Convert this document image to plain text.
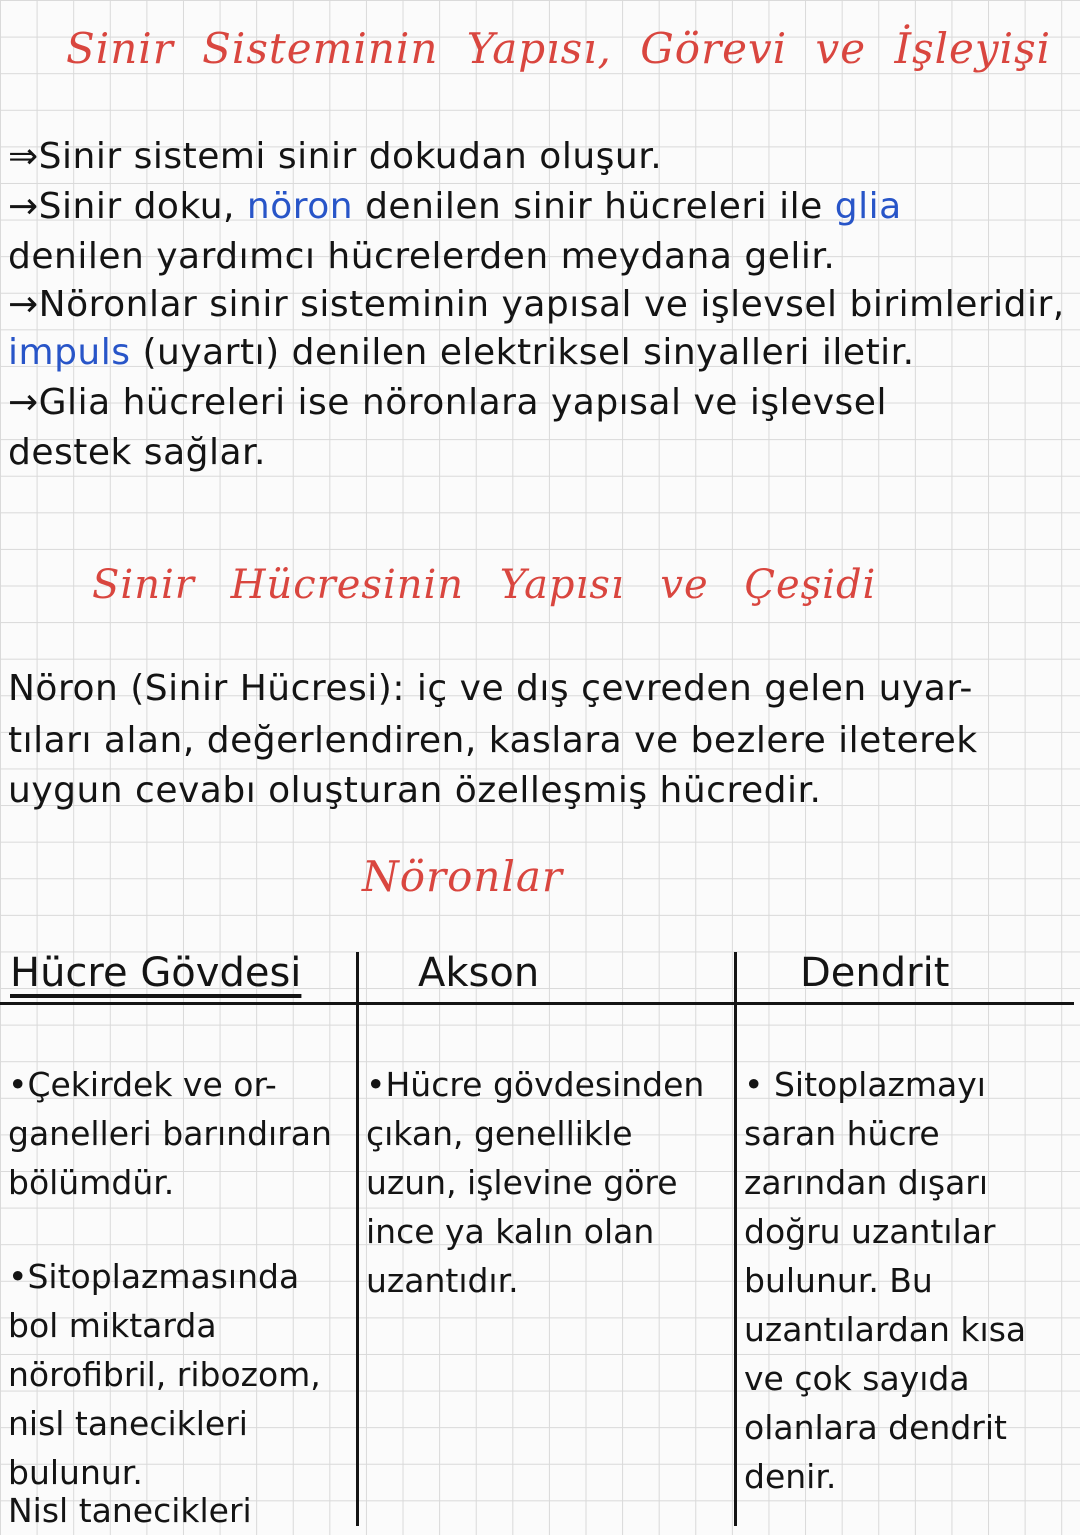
Sinir Sisteminin Yapısı, Görevi ve İşleyişi
⇒Sinir sistemi sinir dokudan oluşur.
→Sinir doku, nöron denilen sinir hücreleri ile glia
denilen yardımcı hücrelerden meydana gelir.
→Nöronlar sinir sisteminin yapısal ve işlevsel birimleridir,
impuls (uyartı) denilen elektriksel sinyalleri iletir.
→Glia hücreleri ise nöronlara yapısal ve işlevsel
destek sağlar.
Sinir Hücresinin Yapısı ve Çeşidi
Nöron (Sinir Hücresi): iç ve dış çevreden gelen uyar-
tıları alan, değerlendiren, kaslara ve bezlere ileterek
uygun cevabı oluşturan özelleşmiş hücredir.
Nöronlar
Hücre Gövdesi	Akson	Dendrit
•Çekirdek ve or-ganelleri barındıran bölümdür.
•Sitoplazmasında bol miktarda nörofibril, ribozom, nisl tanecikleri bulunur.
Nisl tanecikleri
•Hücre gövdesinden çıkan, genellikle uzun, işlevine göre ince ya kalın olan uzantıdır.
• Sitoplazmayı saran hücre zarından dışarı doğru uzantılar bulunur. Bu uzantılardan kısa ve çok sayıda olanlara dendrit denir.
